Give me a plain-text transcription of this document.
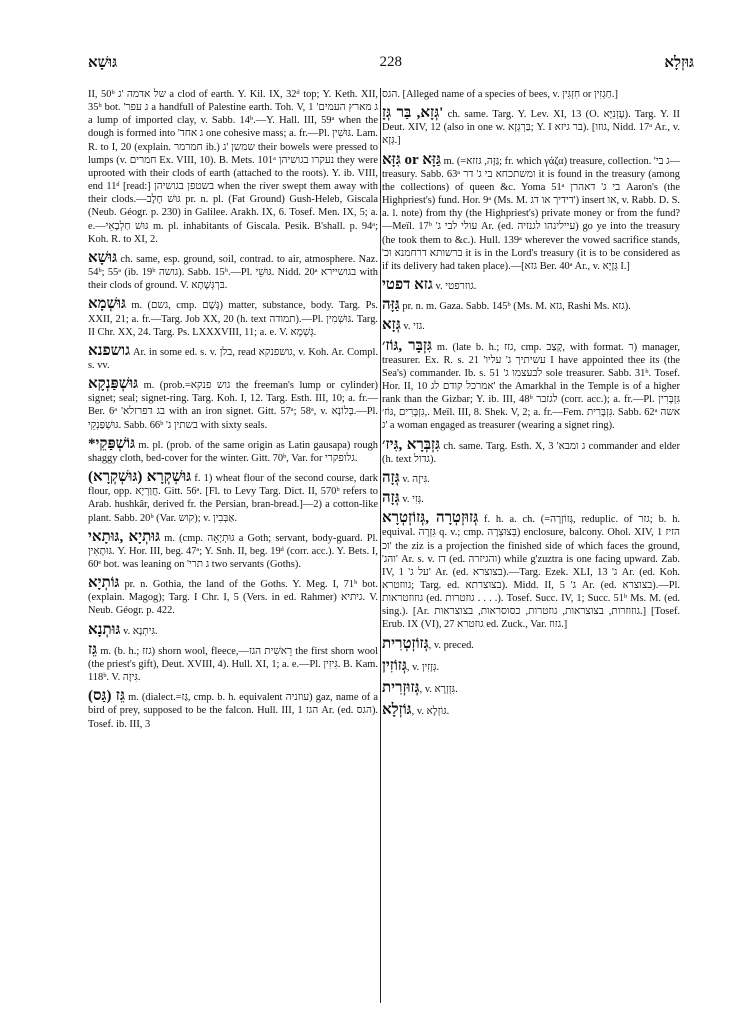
גּוּשָׁא	228	גּוּזְלָא

II, 50ᵇ של אדמה 'ג a clod of earth. Y. Kil. IX, 32ᵈ top; Y. Keth. XII, 35ᵇ bot. 'ג עפר a handfull of Palestine earth. Toh. V, 1 'ג מארץ העמים a lump of imported clay, v. Sabb. 14ᵇ.—Y. Hall. III, 59ᵃ when the dough is formed into 'ג אחד one cohesive mass; a. fr.—Pl. גּוּשִׁין. Lam. R. to I, 20 (explain. חמרמר ib.) שמשן 'ג their bowels were pressed to lumps (v. חמרים Ex. VIII, 10). B. Mets. 101ᵃ נעקרו בגושיהן they were uprooted with their clods of earth (attached to the roots). Y. ib. VIII, end 11ᵈ [read:] בשטפן בגושיהן when the river swept them away with their clods.—גּוּשׁ חָלָב pr. n. pl. (Fat Ground) Gush-Heleb, Giscala (Neub. Géogr. p. 230) in Galilee. Arakh. IX, 6. Tosef. Men. IX, 5; a. e.—גּוּשׁ חַלְבָאֵי m. pl. inhabitants of Giscala. Pesik. B'shall. p. 94ᵃ; Koh. R. to XI, 2.

גּוּשָׁא ch. same, esp. ground, soil, contrad. to air, atmosphere. Naz. 54ᵇ; 55ᵃ (ib. 19ᵇ גושה). Sabb. 15ᵇ.—Pl. גּוּשֵׁי. Nidd. 20ᵃ בגושיירא with their clods of ground. V. בּרְגְּשָׁתָא.

גּוּשְׁמָא m. (גשם, cmp. גֶּשֶׁם) matter, substance, body. Targ. Ps. XXII, 21; a. fr.—Targ. Job XX, 20 (h. text תמודה).—Pl. גּוּשְׁמִין. Targ. II Chr. XX, 24. Targ. Ps. LXXXVIII, 11; a. e. V. גְּשְׁמָא.

גושפנא Ar. in some ed. s. v. בלן, read גושפנקא, v. Koh. Ar. Compl. s. vv.

גּוּשְׁפַּנְקָא m. (prob.=גוש פנקא the freeman's lump or cylinder) signet; seal; signet-ring. Targ. Koh. I, 12. Targ. Esth. III, 10; a. fr.—Ber. 6ᵃ 'בג דפרזלא with an iron signet. Gitt. 57ᵃ; 58ᵃ, v. בְּלוֹנָא.—Pl. גּוּשְׁפַּנְקֵי. Sabb. 66ᵇ 'בשתין ג with sixty seals.

*גּוֹשְׁפַּקֵי m. pl. (prob. of the same origin as Latin gausapa) rough shaggy cloth, bed-cover for the winter. Gitt. 70ᵇ, Var. for גלופקרי.

גּוּשְׁקְרָא (גּוּשְׁקְרָא) f. 1) wheat flour of the second course, dark flour, opp. חֲוַרְיָא. Gitt. 56ᵃ. [Fl. to Levy Targ. Dict. II, 570ᵇ refers to Arab. hushkâr, derived fr. the Persian, bran-bread.]—2) a cotton-like plant. Sabb. 20ᵇ (Var. קוש); v. אַבְּבִין.

גּוּתְיָא ,גּוּתָאי m. (cmp. גּוּתְיָאָה a Goth; servant, body-guard. Pl. גּוּתָאִין. Y. Hor. III, beg. 47ᵃ; Y. Snh. II, beg. 19ᵈ (corr. acc.). Y. Bets. I, 60ᵉ bot. was leaning on 'ג תרי two servants (Goths).

גּוֹתְיָא pr. n. Gothia, the land of the Goths. Y. Meg. I, 71ᵇ bot. (explain. Magog); Targ. I Chr. I, 5 (Vers. in ed. Rahmer) גיתיא. V. Neub. Géogr. p. 422.

גּוּתְנָא v. גִּיתְנָא.

גֵּז m. (b. h.; גזז) shorn wool, fleece,—רֵאשִׁית הגז the first shorn wool (the priest's gift), Deut. XVIII, 4). Hull. XI, 1; a. e.—Pl. גִּיזִין. B. Kam. 118ᵇ. V. גִּיזָה.

(גַּס) גֵּז m. (dialect.=גַּז, cmp. b. h. equivalent עוזניה) gaz, name of a bird of prey, supposed to be the falcon. Hull. III, 1 הגז Ar. (ed. הגס). Tosef. ib. III, 3

הגס. [Alleged name of a species of bees, v. חִזְגִּין or חַגְזִין.]

גְּזָא, בַּר גְּזָ' ch. same. Targ. Y. Lev. XI, 13 (O. עָזְנִיָּא). Targ. Y. II Deut. XIV, 12 (also in one w. בַּרְגְּזָא; Y. I בר גיזא). [גוזו, Nidd. 17ᵃ Ar., v. גְּזָא.]

גִּזָּא or גַּזָּא m. (=גַּזָּה, גּזזא; fr. which γάζα) treasure, collection. 'ג בי—treasury. Sabb. 63ᵃ ומשתכחא בי ג' דר it is found in the treasury (among the collections) of queen &c. Yoma 51ᵃ בי ג' דאהרן Aaron's (the Highpriest's) fund. Hor. 9ᵃ (Ms. M. דידיך או דג') insert או, v. Rabb. D. S. a. l. note) from thy (the Highpriest's) private money or from the fund?—Meïl. 17ᵇ 'עולי לבי ג Ar. (ed. עיילינהו לגנזיה) go ye into the treasury (he took them to &c.). Hull. 139ᵃ wherever the vowed sacrifice stands, 'ברשותא דרחמנא וכ it is in the Lord's treasury (it is to be considered as if its delivery had taken place).—[גזא Ber. 40ᵃ Ar., v. גְּזָיָא I.]

גזא דפטי v. גוזרפטי.

גַּזָּה pr. n. m. Gaza. Sabb. 145ᵇ (Ms. M. גזא, Rashi Ms. גזא).

גְּזָא v. גזי.

גִּזְבָּר ,גּוֹז׳ m. (late b. h.; גזז, cmp. קָצַב, with format. ר) manager, treasurer. Ex. R. s. 21 'עשיתיך ג' עליו I have appointed thee its (the Sea's) commander. Ib. s. 51 'לבעצמו ג sole treasurer. Sabb. 31ᵇ. Tosef. Hor. II, 10 אמרכל קודם לג' the Amarkhal in the Temple is of a higher rank than the Gizbar; Y. ib. III, 48ᵇ לגזבר (corr. acc.); a. fr.—Pl. גִּזְבָּרִין ,גִּזְבָּרִים ,גּוֹז׳. Meïl. III, 8. Shek. V, 2; a. fr.—Fem. גִּזְבָּרִית. Sabb. 62ᵃ אשה ג' a woman engaged as treasurer (wearing a signet ring).

גִּזְבְּרָא ,גִּיז׳ ch. same. Targ. Esth. X, 3 'ג ומבא commander and elder (h. text גדול).

גְּזָה v. גִּיזָה.

גְּזָה v. גְּזִי.

גְּזוּזְטְרָה ,גְּזוֹזְטְרָא f. h. a. ch. (=גְּזוֹזְרָה, reduplic. of גזר; b. h. equival. גִּזְרָה q. v.; cmp. בְּצוּצְרָה) enclosure, balcony. Ohol. XIV, 1 הזיז וכ' the ziz is a projection the finished side of which faces the ground, 'והג' Ar. s. v. דז (ed. והגיזרה) while g'zuztra is one facing upward. Zab. IV, 1 'על ג' Ar. (ed. בצוצרא).—Targ. Ezek. XLI, 13 'ג Ar. (ed. Koh. גווזטרא; Targ. ed. בצוצרתא). Midd. II, 5 'ג Ar. (ed. בצוצרא).—Pl. גוזוזטראות (ed. גוזטרות . . . .). Tosef. Succ. IV, 1; Succ. 51ᵇ Ms. M. (ed. sing.). [Ar. גוזוזרות, בצוצראות, גוזטרות, כסוסראות, בצוצראות.] [Tosef. Erub. IX (VI), 27 גוזטרא ed. Zuck., Var. גזוז.]

גְּזוֹזְטְרִית, v. preced.
גְּזוֹזִין, v. גְּזָזִין.
גְּזוּזְרִית, v. גִּזְזְרָא.
גּוֹזְלָא, v. גּוֹזְלָא.
